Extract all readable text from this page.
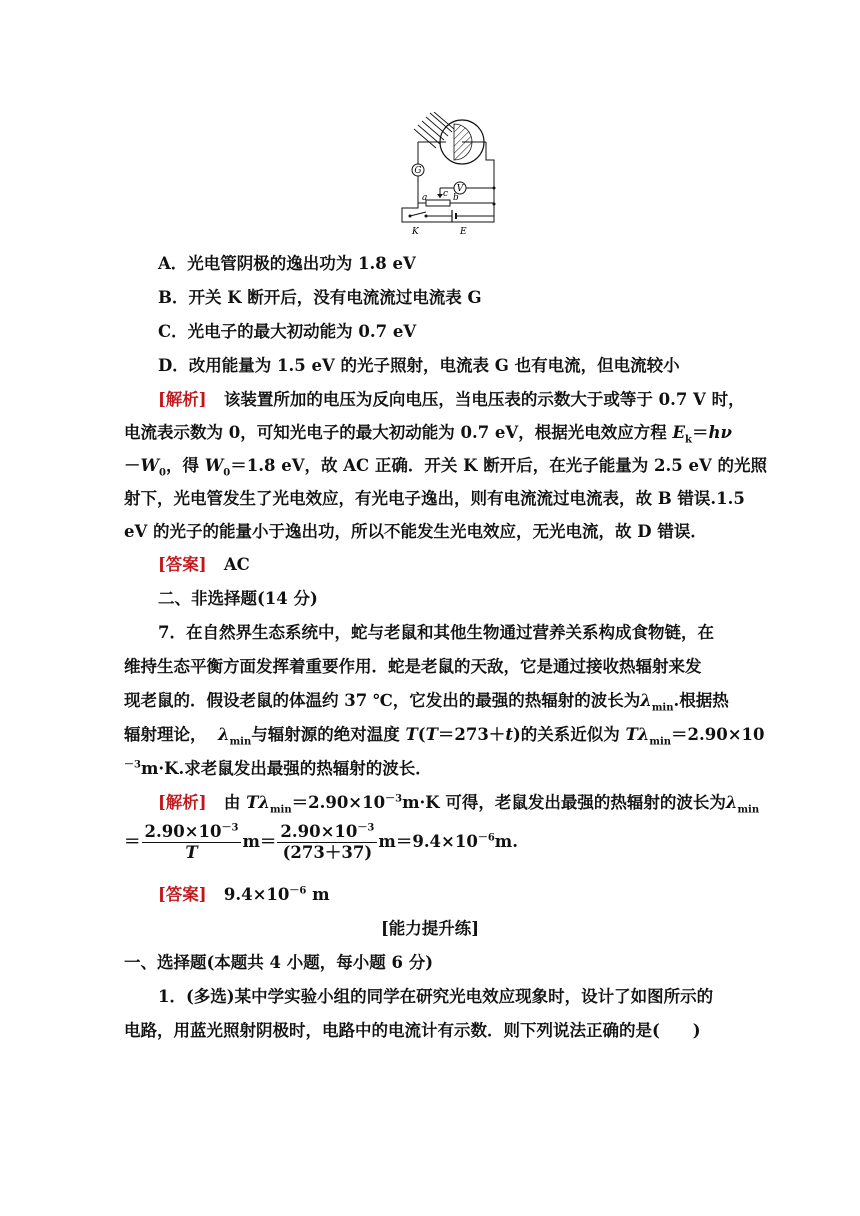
G
V
a	b
c
K	E
A．光电管阴极的逸出功为 1.8 eV
B．开关 K 断开后，没有电流流过电流表 G
C．光电子的最大初动能为 0.7 eV
D．改用能量为 1.5 eV 的光子照射，电流表 G 也有电流，但电流较小
[解析] 该装置所加的电压为反向电压，当电压表的示数大于或等于 0.7 V 时，
电流表示数为 0，可知光电子的最大初动能为 0.7 eV，根据光电效应方程 $E_k=h\nu$
$-W_0$，得 $W_0=1.8$ eV，故 AC 正确．开关 K 断开后，在光子能量为 2.5 eV 的光照
射下，光电管发生了光电效应，有光电子逸出，则有电流流过电流表，故 B 错误.1.5
eV 的光子的能量小于逸出功，所以不能发生光电效应，无光电流，故 D 错误．
[答案] AC
二、非选择题(14 分)
7．在自然界生态系统中，蛇与老鼠和其他生物通过营养关系构成食物链，在
维持生态平衡方面发挥着重要作用．蛇是老鼠的天敌，它是通过接收热辐射来发
现老鼠的．假设老鼠的体温约 37 ℃，它发出的最强的热辐射的波长为$\lambda_{min}$.根据热
辐射理论， $\lambda_{min}$与辐射源的绝对温度 T(T＝273＋t)的关系近似为 $T\lambda_{min}=2.90\times 10$
$^{-3}$m·K.求老鼠发出最强的热辐射的波长．
[解析] 由 $T\lambda_{min}=2.90\times 10^{-3}m\cdot K$ 可得，老鼠发出最强的热辐射的波长为$\lambda_{min}$
＝ $\frac{2.90\times 10^{-3}}{T} m= \frac{2.90\times 10^{-3}}{(273+37)} m=9.4\times 10^{-6}m$.
[答案] $9.4\times 10^{-6}$ m
[能力提升练]
一、选择题(本题共 4 小题，每小题 6 分)
1．(多选)某中学实验小组的同学在研究光电效应现象时，设计了如图所示的
电路，用蓝光照射阴极时，电路中的电流计有示数．则下列说法正确的是(　　)
